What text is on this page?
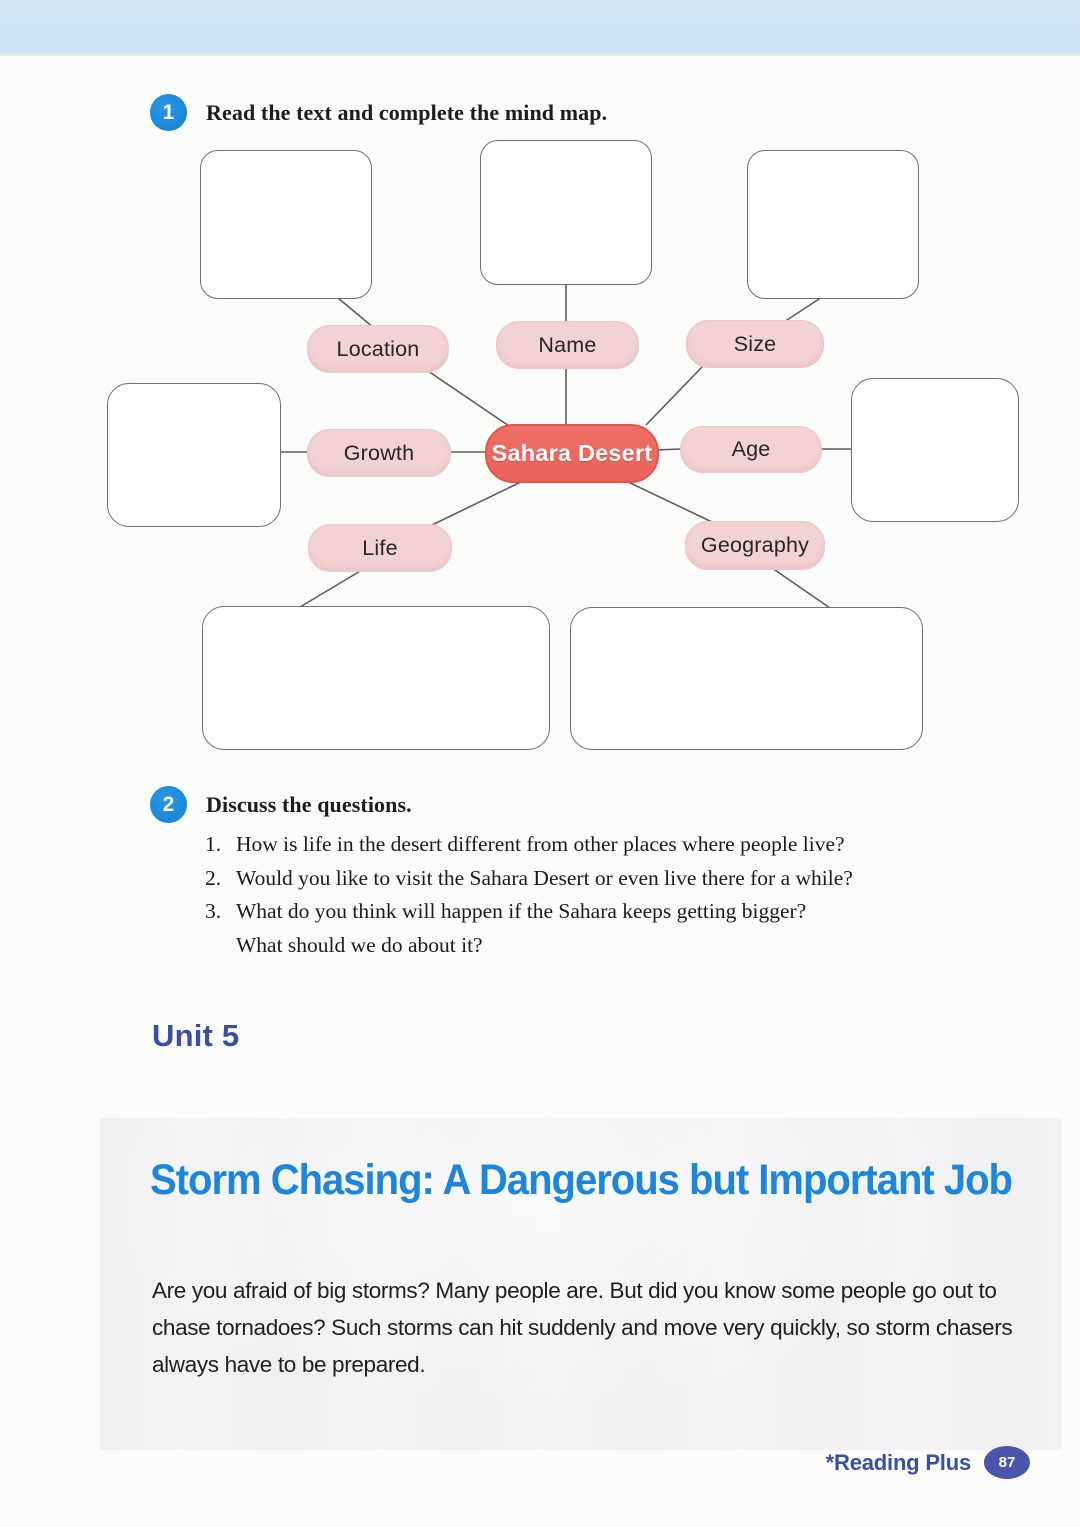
1	Read the text and complete the mind map.
Location	Name	Size
Growth	Age
Life	Geography
Sahara Desert
2	Discuss the questions.
1. How is life in the desert different from other places where people live?
2. Would you like to visit the Sahara Desert or even live there for a while?
3. What do you think will happen if the Sahara keeps getting bigger?
What should we do about it?
Unit 5
Storm Chasing: A Dangerous but Important Job
Are you afraid of big storms? Many people are. But did you know some people go out to chase tornadoes? Such storms can hit suddenly and move very quickly, so storm chasers always have to be prepared.
*Reading Plus	87
